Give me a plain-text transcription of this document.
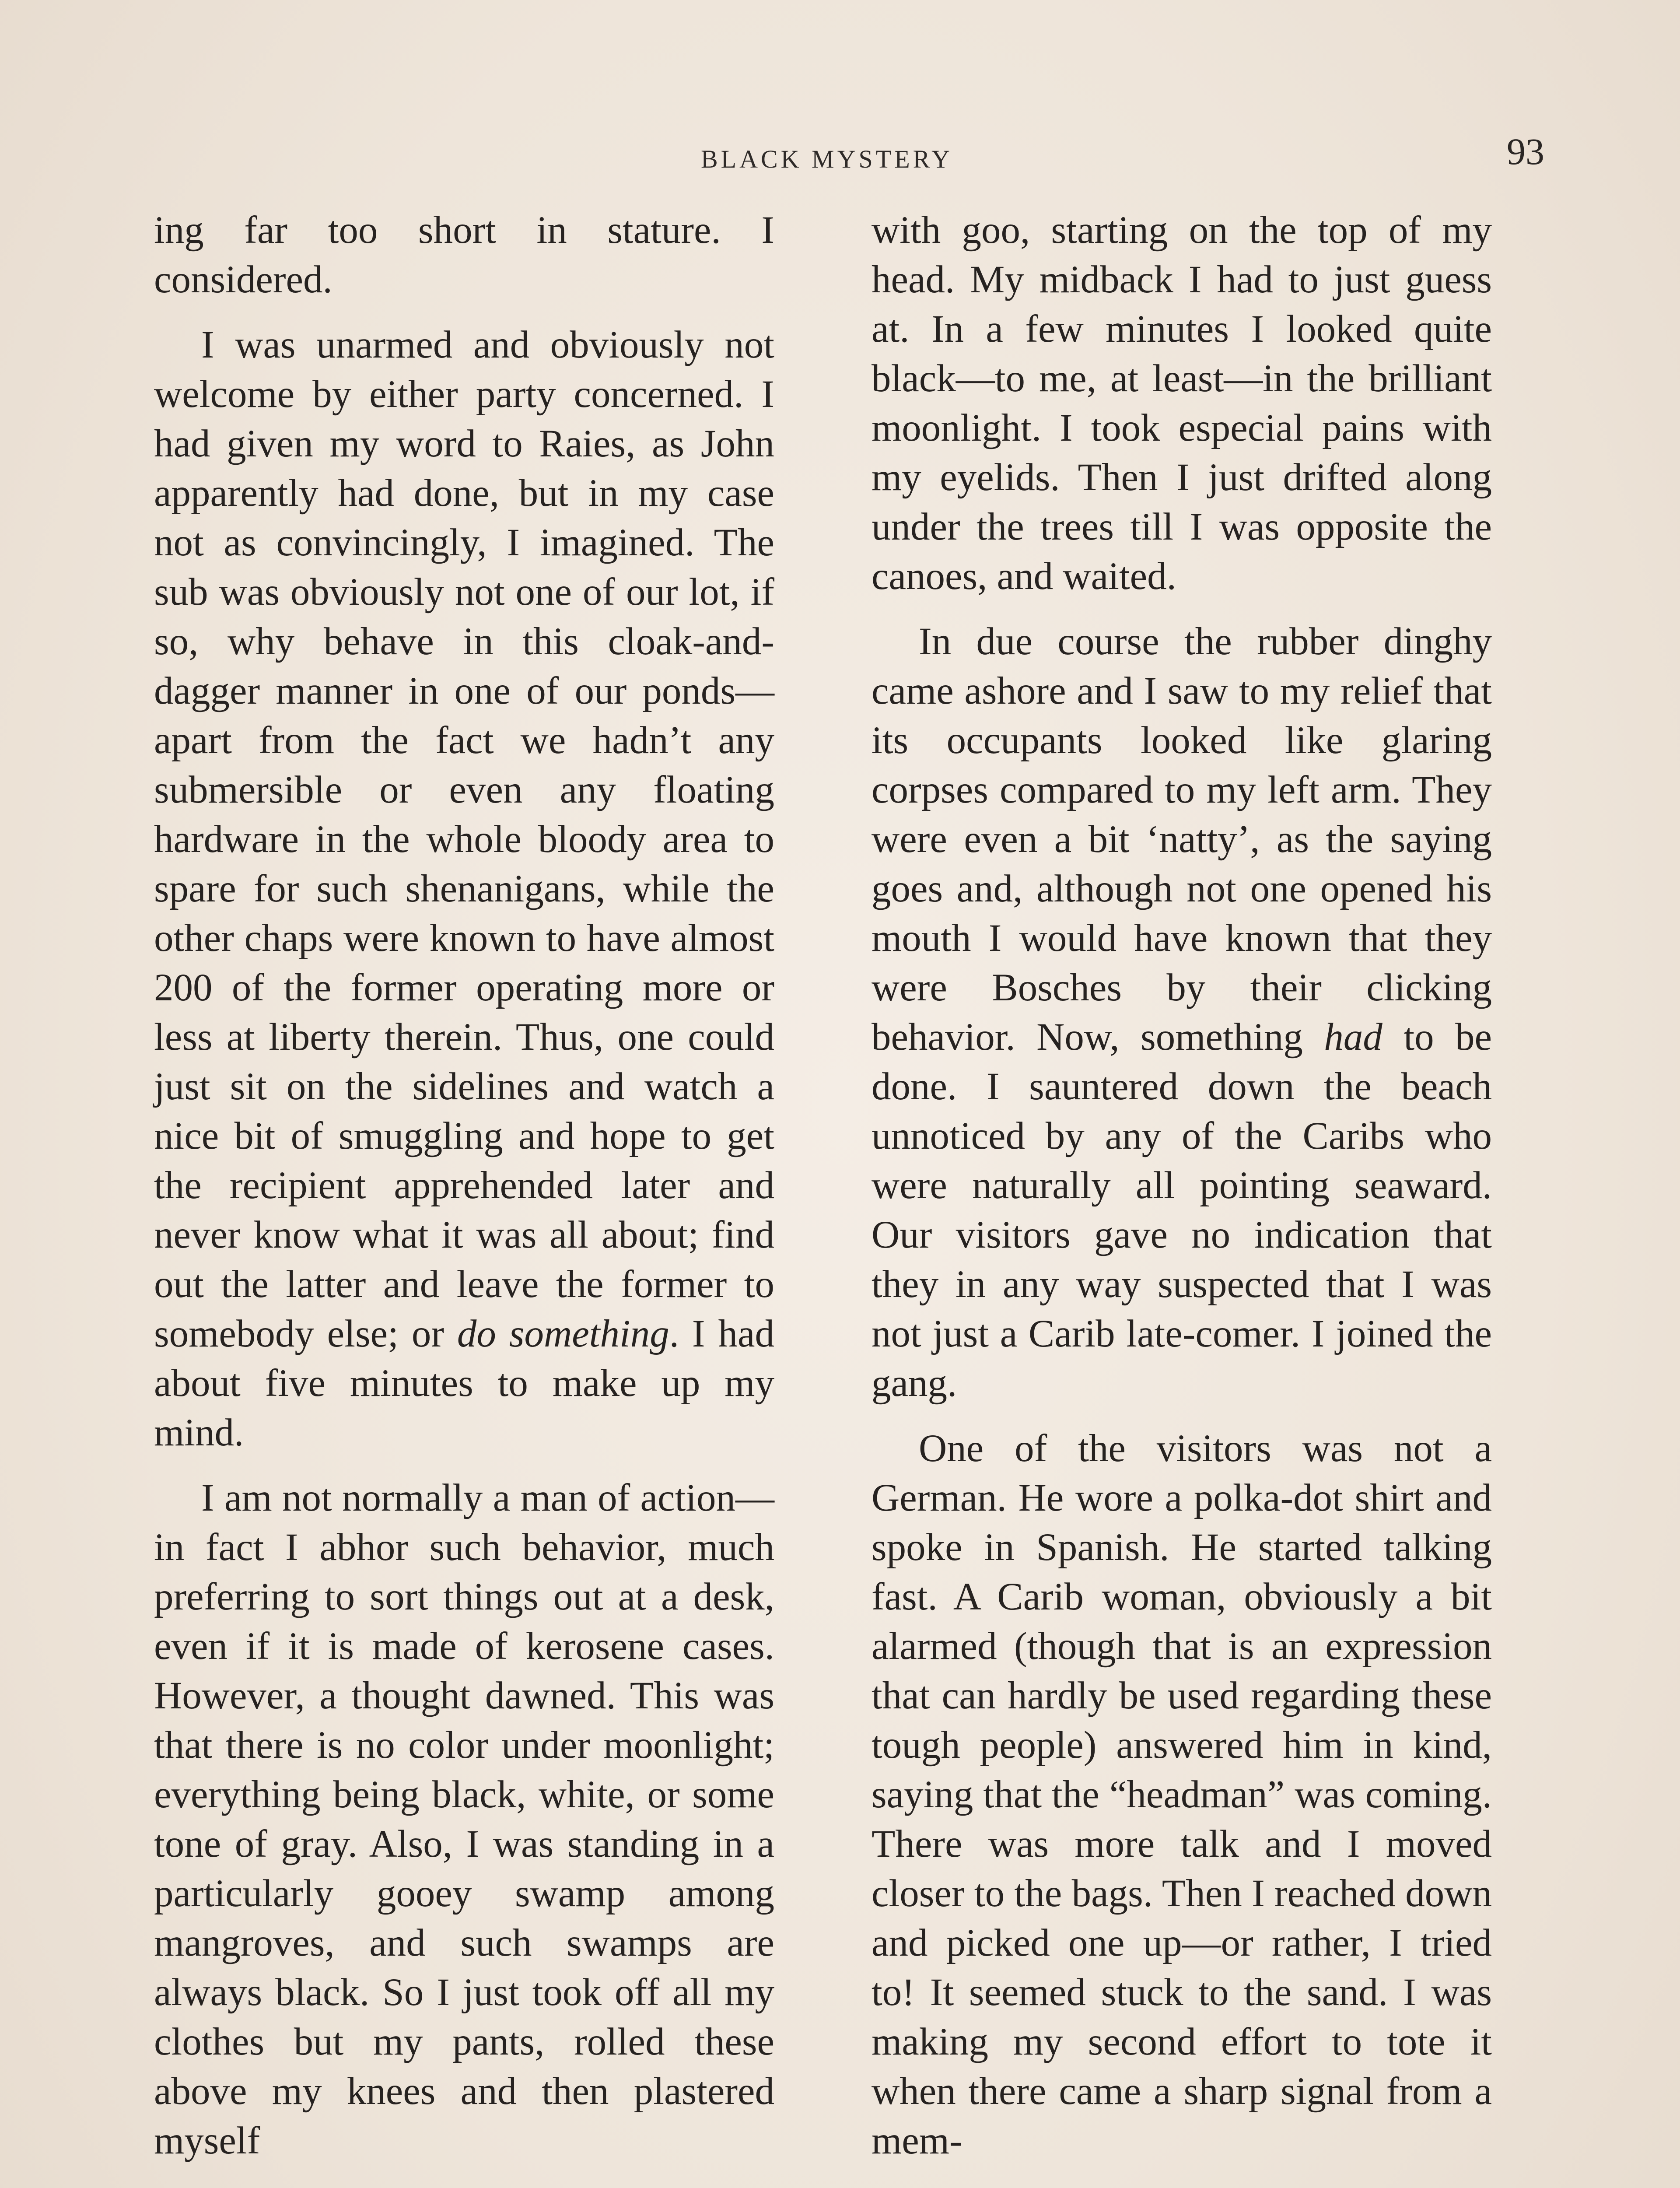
BLACK MYSTERY	93

ing far too short in stature. I considered.

I was unarmed and obviously not welcome by either party concerned. I had given my word to Raies, as John apparently had done, but in my case not as convincingly, I imagined. The sub was obviously not one of our lot, if so, why behave in this cloak-and-dagger manner in one of our ponds—apart from the fact we hadn’t any submersible or even any floating hardware in the whole bloody area to spare for such shenanigans, while the other chaps were known to have almost 200 of the former operating more or less at liberty therein. Thus, one could just sit on the sidelines and watch a nice bit of smuggling and hope to get the recipient apprehended later and never know what it was all about; find out the latter and leave the former to somebody else; or do something. I had about five minutes to make up my mind.

I am not normally a man of action—in fact I abhor such behavior, much preferring to sort things out at a desk, even if it is made of kerosene cases. However, a thought dawned. This was that there is no color under moonlight; everything being black, white, or some tone of gray. Also, I was standing in a particularly gooey swamp among mangroves, and such swamps are always black. So I just took off all my clothes but my pants, rolled these above my knees and then plastered myself

with goo, starting on the top of my head. My midback I had to just guess at. In a few minutes I looked quite black—to me, at least—in the brilliant moonlight. I took especial pains with my eyelids. Then I just drifted along under the trees till I was opposite the canoes, and waited.

In due course the rubber dinghy came ashore and I saw to my relief that its occupants looked like glaring corpses compared to my left arm. They were even a bit ‘natty’, as the saying goes and, although not one opened his mouth I would have known that they were Bosches by their clicking behavior. Now, something had to be done. I sauntered down the beach unnoticed by any of the Caribs who were naturally all pointing seaward. Our visitors gave no indication that they in any way suspected that I was not just a Carib late-comer. I joined the gang.

One of the visitors was not a German. He wore a polka-dot shirt and spoke in Spanish. He started talking fast. A Carib woman, obviously a bit alarmed (though that is an expression that can hardly be used regarding these tough people) answered him in kind, saying that the “headman” was coming. There was more talk and I moved closer to the bags. Then I reached down and picked one up—or rather, I tried to! It seemed stuck to the sand. I was making my second effort to tote it when there came a sharp signal from a mem-
